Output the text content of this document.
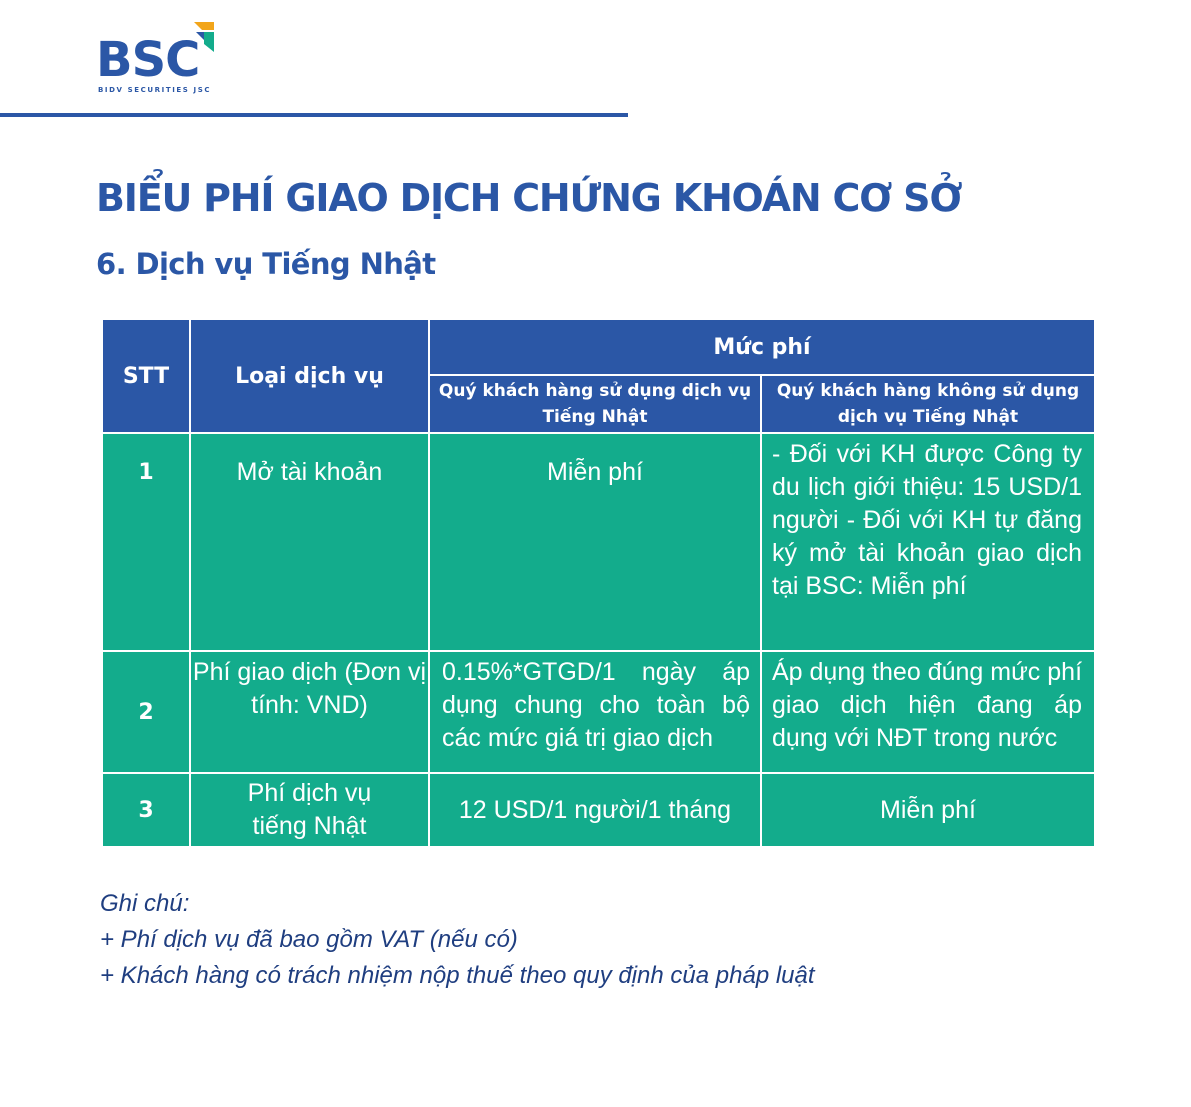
BSC
BIDV SECURITIES JSC
BIỂU PHÍ GIAO DỊCH CHỨNG KHOÁN CƠ SỞ
6. Dịch vụ Tiếng Nhật
STT	Loại dịch vụ	Mức phí	
		Quý khách hàng sử dụng dịch vụ Tiếng Nhật	Quý khách hàng không sử dụng dịch vụ Tiếng Nhật
1	Mở tài khoản	Miễn phí	- Đối với KH được Công ty du lịch giới thiệu: 15 USD/1 người - Đối với KH tự đăng ký mở tài khoản giao dịch tại BSC: Miễn phí
2	Phí giao dịch (Đơn vị tính: VND)	0.15%*GTGD/1 ngày áp dụng chung cho toàn bộ các mức giá trị giao dịch	Áp dụng theo đúng mức phí giao dịch hiện đang áp dụng với NĐT trong nước
3	Phí dịch vụ tiếng Nhật	12 USD/1 người/1 tháng	Miễn phí
Ghi chú:
+ Phí dịch vụ đã bao gồm VAT (nếu có)
+ Khách hàng có trách nhiệm nộp thuế theo quy định của pháp luật
